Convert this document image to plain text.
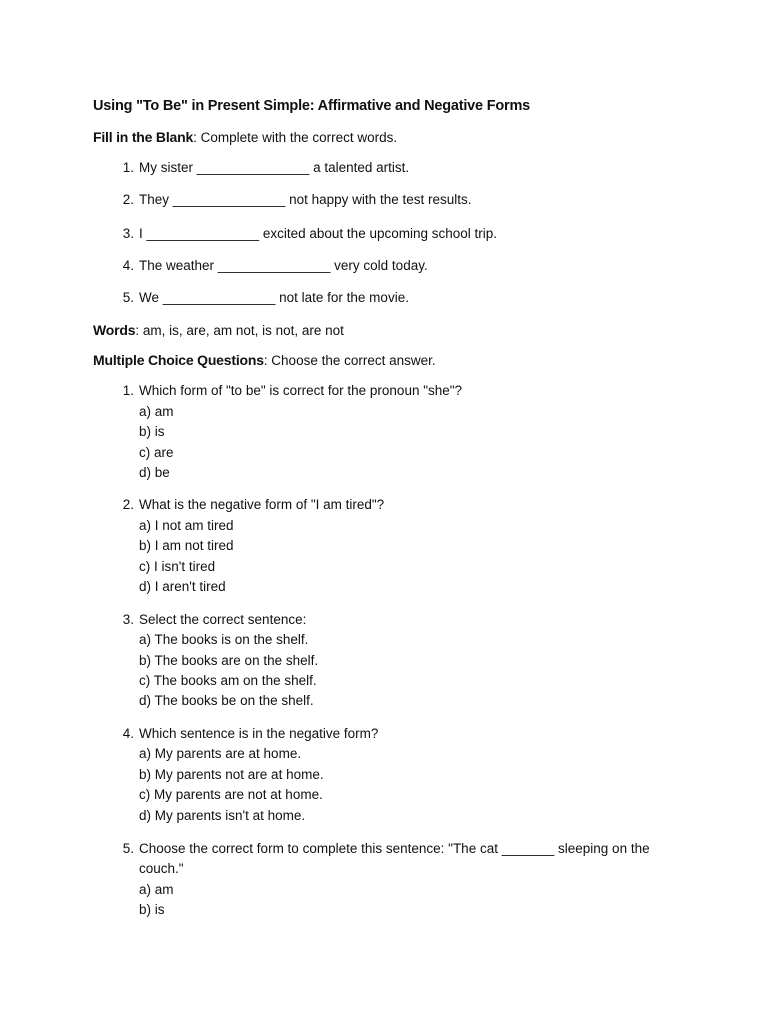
Using "To Be" in Present Simple: Affirmative and Negative Forms
Fill in the Blank: Complete with the correct words.
1. My sister _______________ a talented artist.
2. They _______________ not happy with the test results.
3. I _______________ excited about the upcoming school trip.
4. The weather _______________ very cold today.
5. We _______________ not late for the movie.
Words: am, is, are, am not, is not, are not
Multiple Choice Questions: Choose the correct answer.
1. Which form of "to be" is correct for the pronoun "she"?
a) am
b) is
c) are
d) be
2. What is the negative form of "I am tired"?
a) I not am tired
b) I am not tired
c) I isn't tired
d) I aren't tired
3. Select the correct sentence:
a) The books is on the shelf.
b) The books are on the shelf.
c) The books am on the shelf.
d) The books be on the shelf.
4. Which sentence is in the negative form?
a) My parents are at home.
b) My parents not are at home.
c) My parents are not at home.
d) My parents isn't at home.
5. Choose the correct form to complete this sentence: "The cat _______ sleeping on the
couch."
a) am
b) is
